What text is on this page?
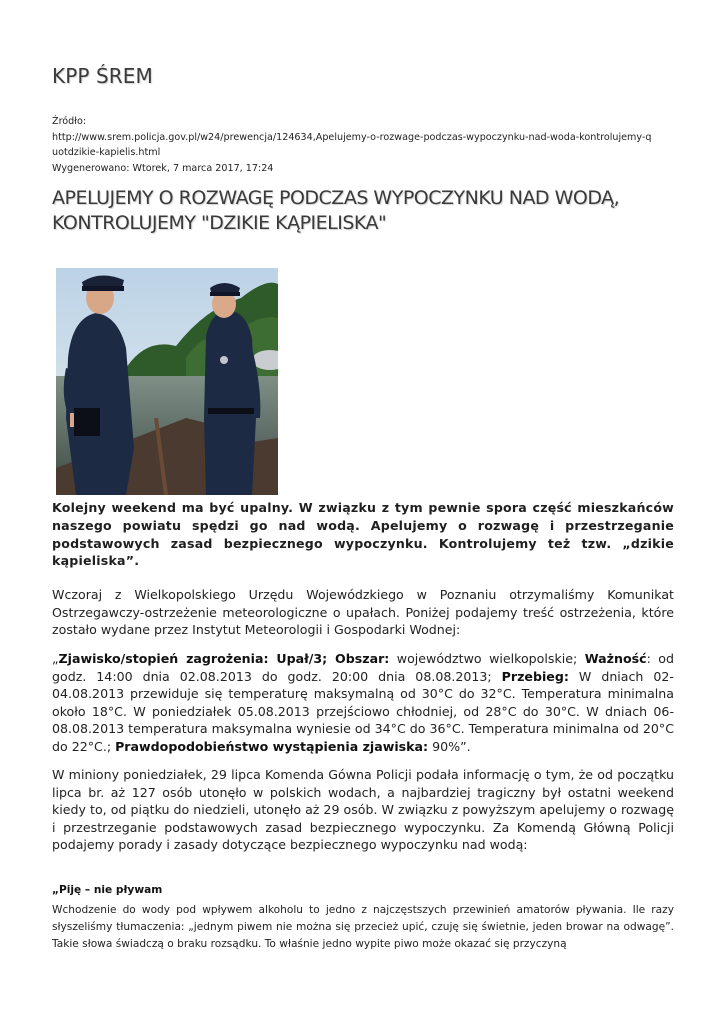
KPP ŚREM
Źródło:
http://www.srem.policja.gov.pl/w24/prewencja/124634,Apelujemy-o-rozwage-podczas-wypoczynku-nad-woda-kontrolujemy-q
uotdzikie-kapielis.html
Wygenerowano: Wtorek, 7 marca 2017, 17:24
APELUJEMY O ROZWAGĘ PODCZAS WYPOCZYNKU NAD WODĄ,
KONTROLUJEMY "DZIKIE KĄPIELISKA"
Kolejny weekend ma być upalny. W związku z tym pewnie spora część mieszkańców naszego powiatu spędzi go nad wodą. Apelujemy o rozwagę i przestrzeganie podstawowych zasad bezpiecznego wypoczynku. Kontrolujemy też tzw. „dzikie kąpieliska”.
Wczoraj z Wielkopolskiego Urzędu Wojewódzkiego w Poznaniu otrzymaliśmy Komunikat Ostrzegawczy-ostrzeżenie meteorologiczne o upałach. Poniżej podajemy treść ostrzeżenia, które zostało wydane przez Instytut Meteorologii i Gospodarki Wodnej:
„Zjawisko/stopień zagrożenia: Upał/3; Obszar: województwo wielkopolskie; Ważność: od godz. 14:00 dnia 02.08.2013 do godz. 20:00 dnia 08.08.2013; Przebieg: W dniach 02-04.08.2013 przewiduje się temperaturę maksymalną od 30°C do 32°C. Temperatura minimalna około 18°C. W poniedziałek 05.08.2013 przejściowo chłodniej, od 28°C do 30°C. W dniach 06-08.08.2013 temperatura maksymalna wyniesie od 34°C do 36°C. Temperatura minimalna od 20°C do 22°C.; Prawdopodobieństwo wystąpienia zjawiska: 90%”.
W miniony poniedziałek, 29 lipca Komenda Gówna Policji podała informację o tym, że od początku lipca br. aż 127 osób utonęło w polskich wodach, a najbardziej tragiczny był ostatni weekend kiedy to, od piątku do niedzieli, utonęło aż 29 osób. W związku z powyższym apelujemy o rozwagę i przestrzeganie podstawowych zasad bezpiecznego wypoczynku. Za Komendą Główną Policji podajemy porady i zasady dotyczące bezpiecznego wypoczynku nad wodą:
„Piję – nie pływam
Wchodzenie do wody pod wpływem alkoholu to jedno z najczęstszych przewinień amatorów pływania. Ile razy słyszeliśmy tłumaczenia: „jednym piwem nie można się przecież upić, czuję się świetnie, jeden browar na odwagę”. Takie słowa świadczą o braku rozsądku. To właśnie jedno wypite piwo może okazać się przyczyną
